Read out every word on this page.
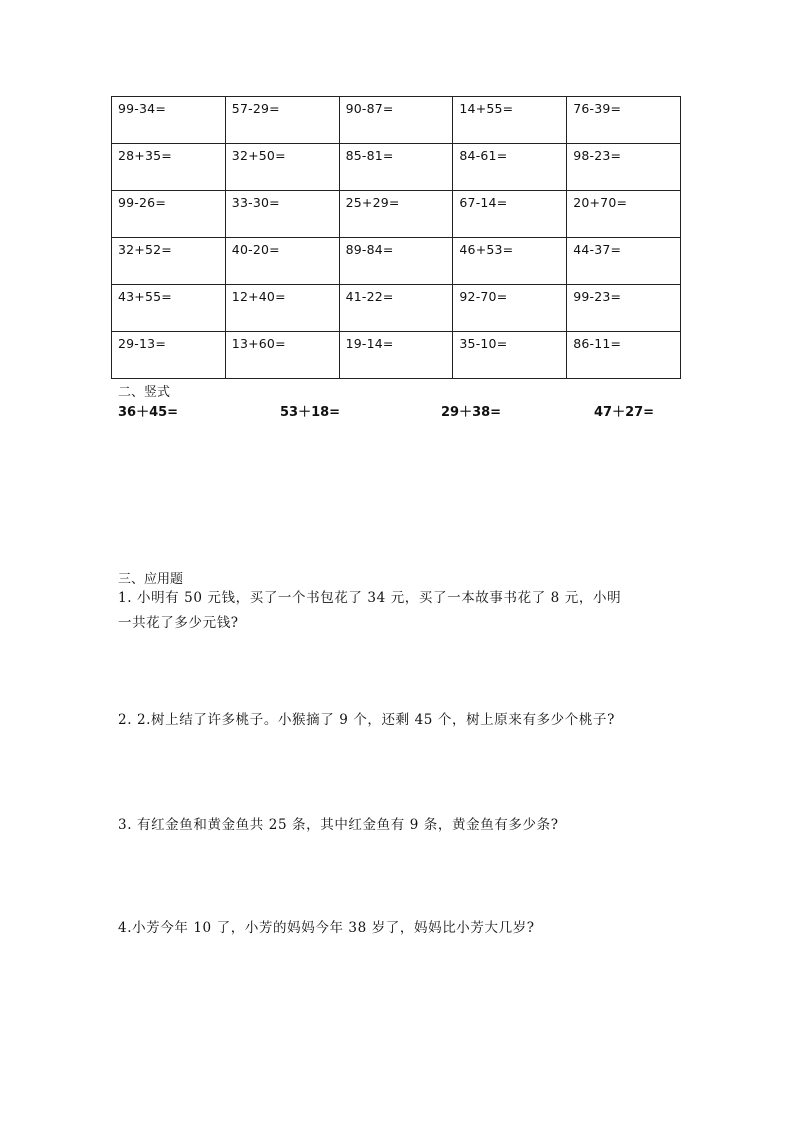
99-34=	57-29=	90-87=	14+55=	76-39=
28+35=	32+50=	85-81=	84-61=	98-23=
99-26=	33-30=	25+29=	67-14=	20+70=
32+52=	40-20=	89-84=	46+53=	44-37=
43+55=	12+40=	41-22=	92-70=	99-23=
29-13=	13+60=	19-14=	35-10=	86-11=
二、竖式
36＋45=	53＋18=	29＋38=	47＋27=
三、应用题
1. 小明有 50 元钱，买了一个书包花了 34 元，买了一本故事书花了 8 元，小明
一共花了多少元钱?
2. 2.树上结了许多桃子。小猴摘了 9 个，还剩 45 个，树上原来有多少个桃子?
3. 有红金鱼和黄金鱼共 25 条，其中红金鱼有 9 条，黄金鱼有多少条?
4.小芳今年 10 了，小芳的妈妈今年 38 岁了，妈妈比小芳大几岁?
